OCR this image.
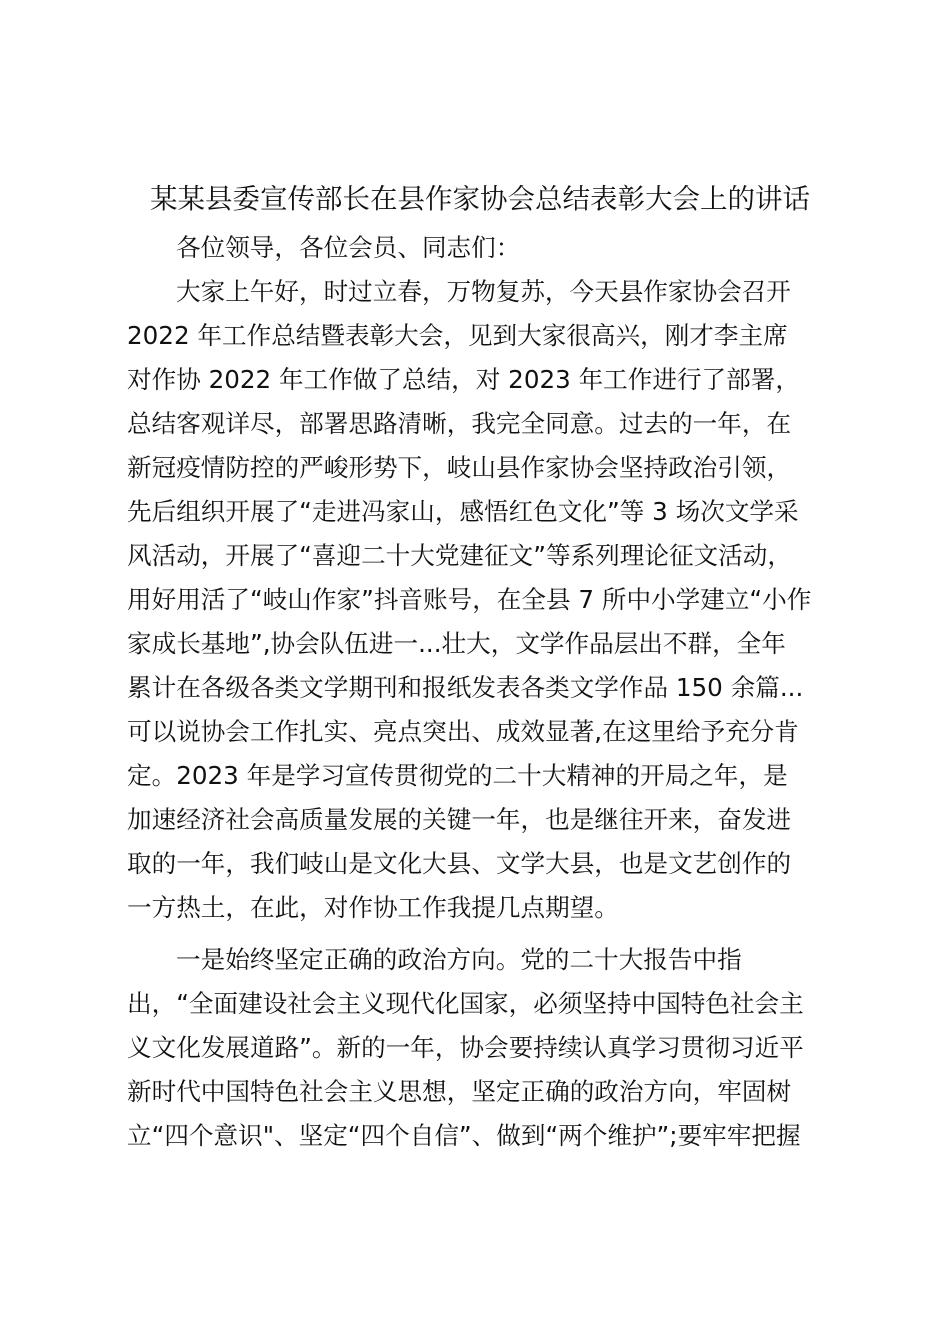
某某县委宣传部长在县作家协会总结表彰大会上的讲话

各位领导，各位会员、同志们：

大家上午好，时过立春，万物复苏，今天县作家协会召开

2022 年工作总结暨表彰大会，见到大家很高兴，刚才李主席

对作协 2022 年工作做了总结，对 2023 年工作进行了部署，

总结客观详尽，部署思路清晰，我完全同意。过去的一年，在

新冠疫情防控的严峻形势下，岐山县作家协会坚持政治引领，

先后组织开展了“走进冯家山，感悟红色文化”等 3 场次文学采

风活动，开展了“喜迎二十大党建征文”等系列理论征文活动，

用好用活了“岐山作家”抖音账号，在全县 7 所中小学建立“小作

家成长基地”,协会队伍进一...壮大，文学作品层出不群，全年

累计在各级各类文学期刊和报纸发表各类文学作品 150 余篇...

可以说协会工作扎实、亮点突出、成效显著,在这里给予充分肯

定。2023 年是学习宣传贯彻党的二十大精神的开局之年，是

加速经济社会高质量发展的关键一年，也是继往开来，奋发进

取的一年，我们岐山是文化大县、文学大县，也是文艺创作的

一方热土，在此，对作协工作我提几点期望。

一是始终坚定正确的政治方向。党的二十大报告中指

出，“全面建设社会主义现代化国家，必须坚持中国特色社会主

义文化发展道路”。新的一年，协会要持续认真学习贯彻习近平

新时代中国特色社会主义思想，坚定正确的政治方向，牢固树

立“四个意识"、坚定“四个自信”、做到“两个维护”;要牢牢把握
